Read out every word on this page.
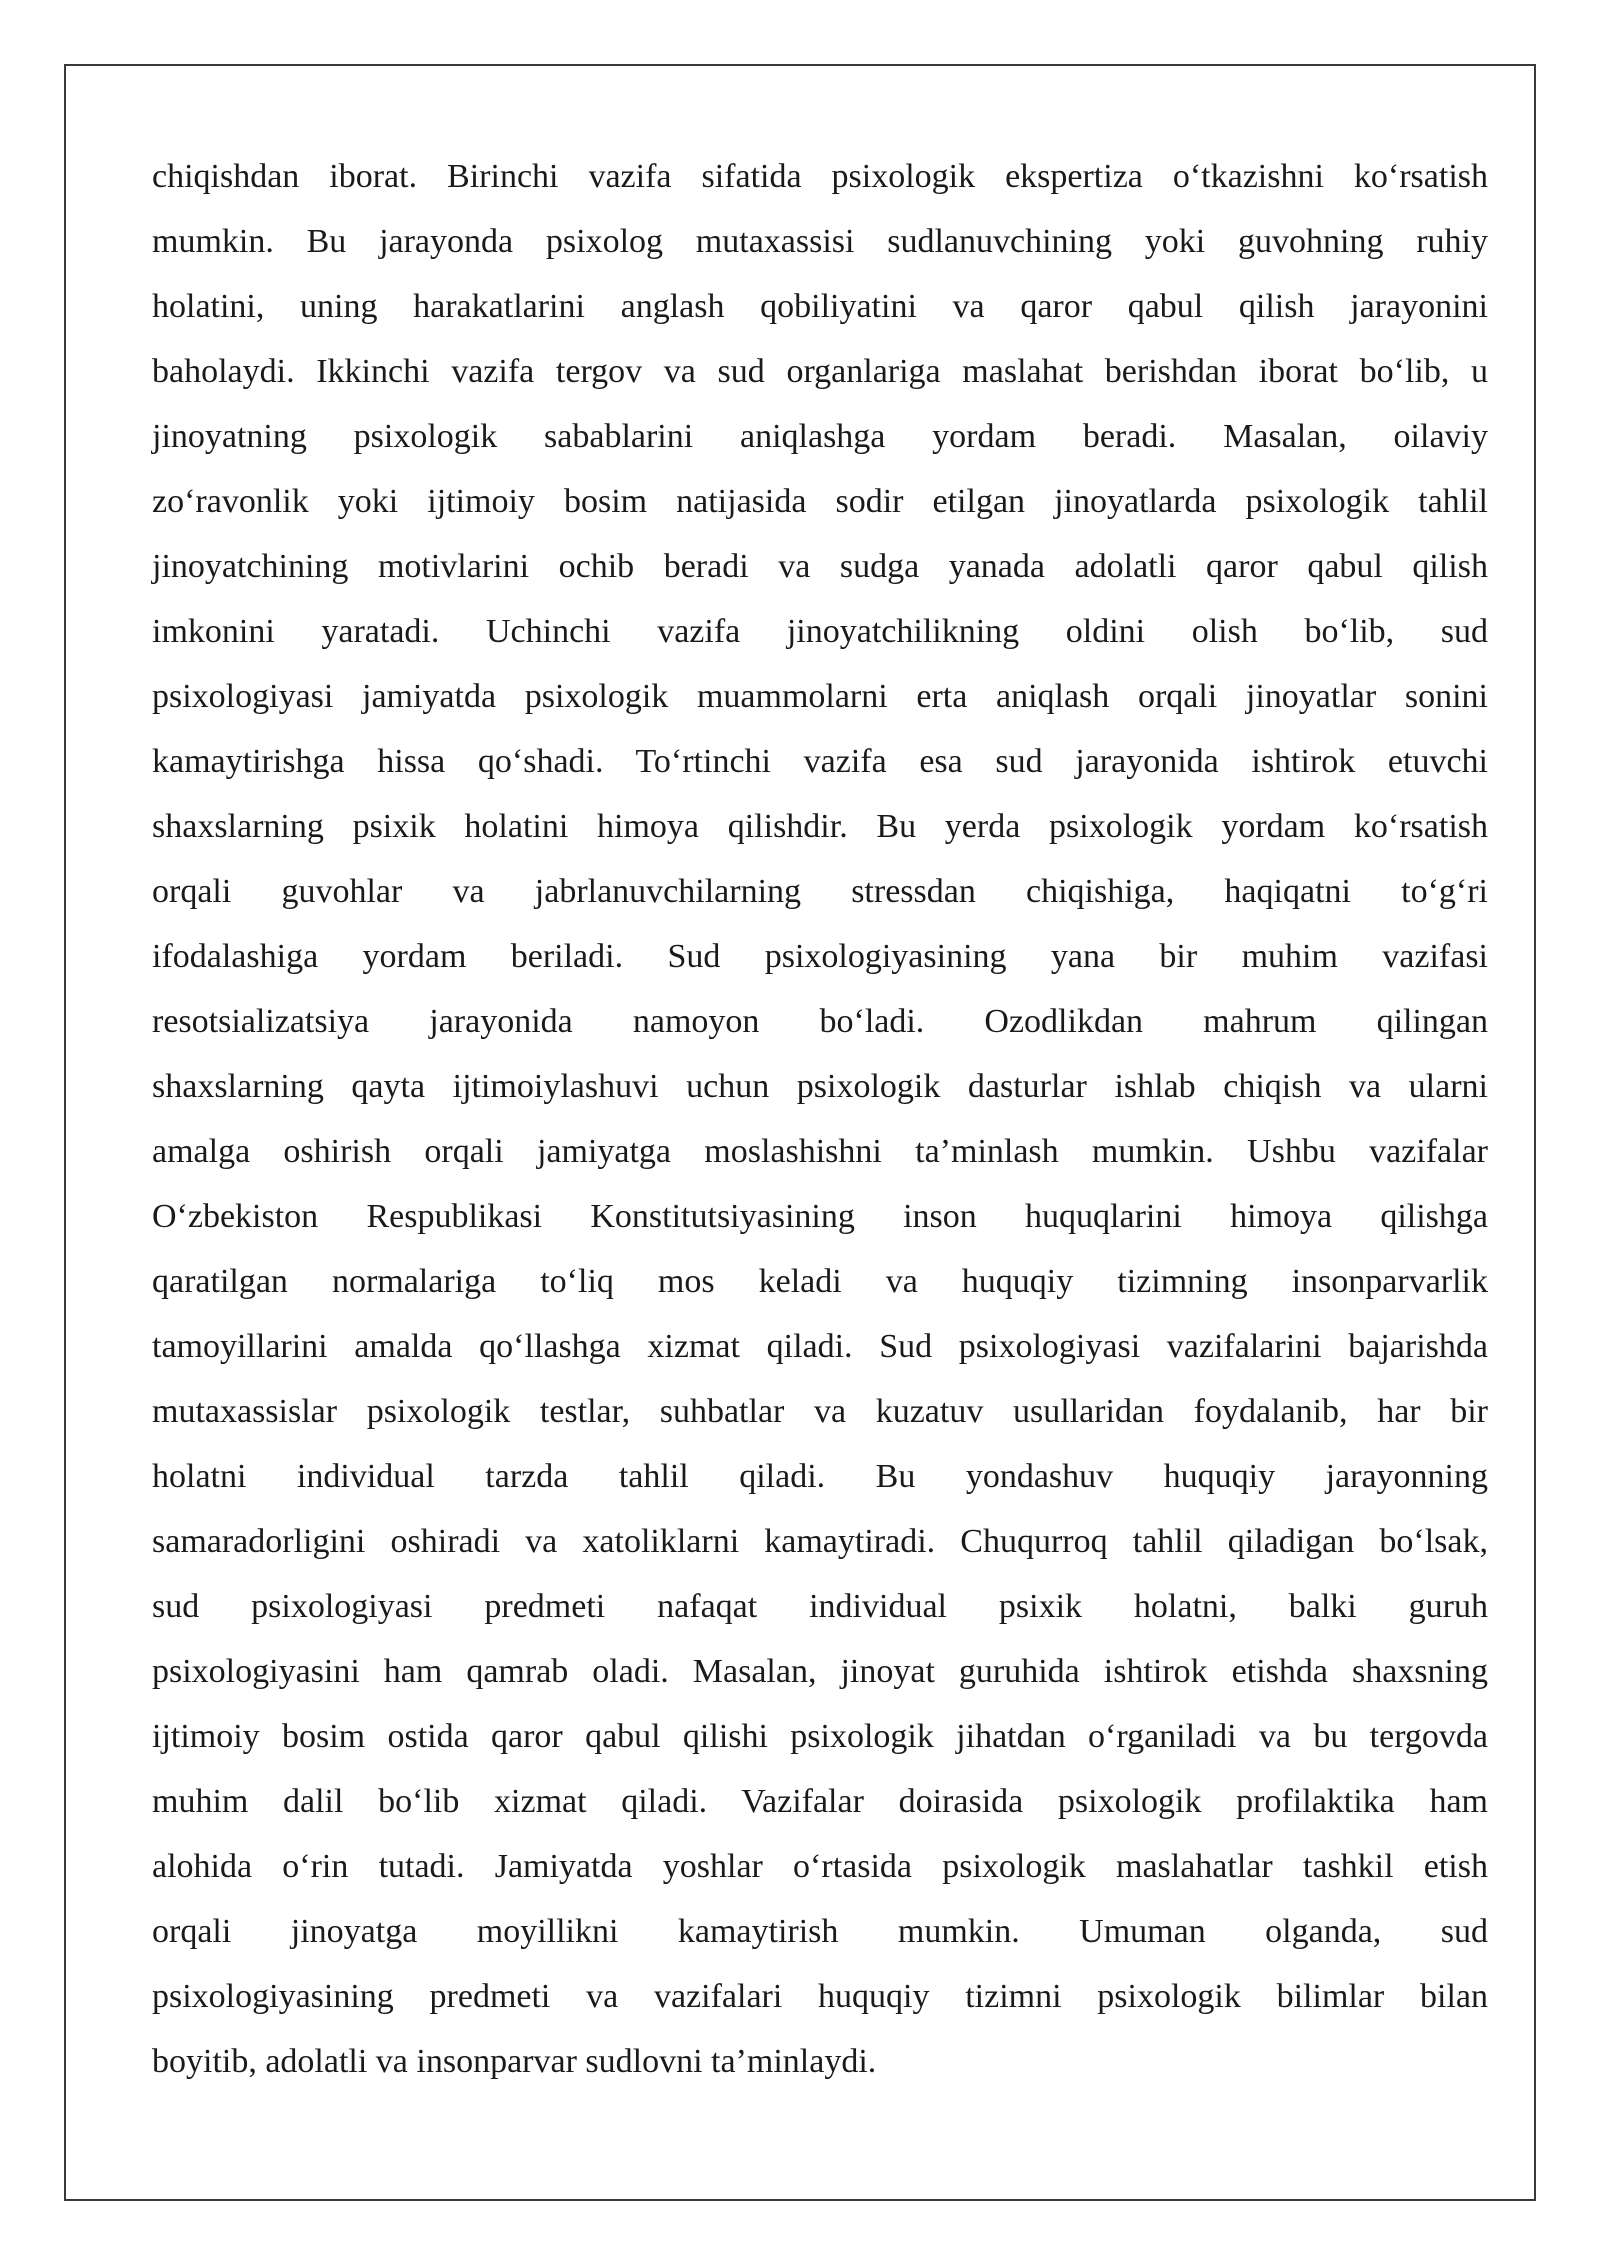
chiqishdan iborat. Birinchi vazifa sifatida psixologik ekspertiza o‘tkazishni ko‘rsatish
mumkin. Bu jarayonda psixolog mutaxassisi sudlanuvchining yoki guvohning ruhiy
holatini, uning harakatlarini anglash qobiliyatini va qaror qabul qilish jarayonini
baholaydi. Ikkinchi vazifa tergov va sud organlariga maslahat berishdan iborat bo‘lib, u
jinoyatning psixologik sabablarini aniqlashga yordam beradi. Masalan, oilaviy
zo‘ravonlik yoki ijtimoiy bosim natijasida sodir etilgan jinoyatlarda psixologik tahlil
jinoyatchining motivlarini ochib beradi va sudga yanada adolatli qaror qabul qilish
imkonini yaratadi. Uchinchi vazifa jinoyatchilikning oldini olish bo‘lib, sud
psixologiyasi jamiyatda psixologik muammolarni erta aniqlash orqali jinoyatlar sonini
kamaytirishga hissa qo‘shadi. To‘rtinchi vazifa esa sud jarayonida ishtirok etuvchi
shaxslarning psixik holatini himoya qilishdir. Bu yerda psixologik yordam ko‘rsatish
orqali guvohlar va jabrlanuvchilarning stressdan chiqishiga, haqiqatni to‘g‘ri
ifodalashiga yordam beriladi. Sud psixologiyasining yana bir muhim vazifasi
resotsializatsiya jarayonida namoyon bo‘ladi. Ozodlikdan mahrum qilingan
shaxslarning qayta ijtimoiylashuvi uchun psixologik dasturlar ishlab chiqish va ularni
amalga oshirish orqali jamiyatga moslashishni ta’minlash mumkin. Ushbu vazifalar
O‘zbekiston Respublikasi Konstitutsiyasining inson huquqlarini himoya qilishga
qaratilgan normalariga to‘liq mos keladi va huquqiy tizimning insonparvarlik
tamoyillarini amalda qo‘llashga xizmat qiladi. Sud psixologiyasi vazifalarini bajarishda
mutaxassislar psixologik testlar, suhbatlar va kuzatuv usullaridan foydalanib, har bir
holatni individual tarzda tahlil qiladi. Bu yondashuv huquqiy jarayonning
samaradorligini oshiradi va xatoliklarni kamaytiradi. Chuqurroq tahlil qiladigan bo‘lsak,
sud psixologiyasi predmeti nafaqat individual psixik holatni, balki guruh
psixologiyasini ham qamrab oladi. Masalan, jinoyat guruhida ishtirok etishda shaxsning
ijtimoiy bosim ostida qaror qabul qilishi psixologik jihatdan o‘rganiladi va bu tergovda
muhim dalil bo‘lib xizmat qiladi. Vazifalar doirasida psixologik profilaktika ham
alohida o‘rin tutadi. Jamiyatda yoshlar o‘rtasida psixologik maslahatlar tashkil etish
orqali jinoyatga moyillikni kamaytirish mumkin. Umuman olganda, sud
psixologiyasining predmeti va vazifalari huquqiy tizimni psixologik bilimlar bilan
boyitib, adolatli va insonparvar sudlovni ta’minlaydi.
